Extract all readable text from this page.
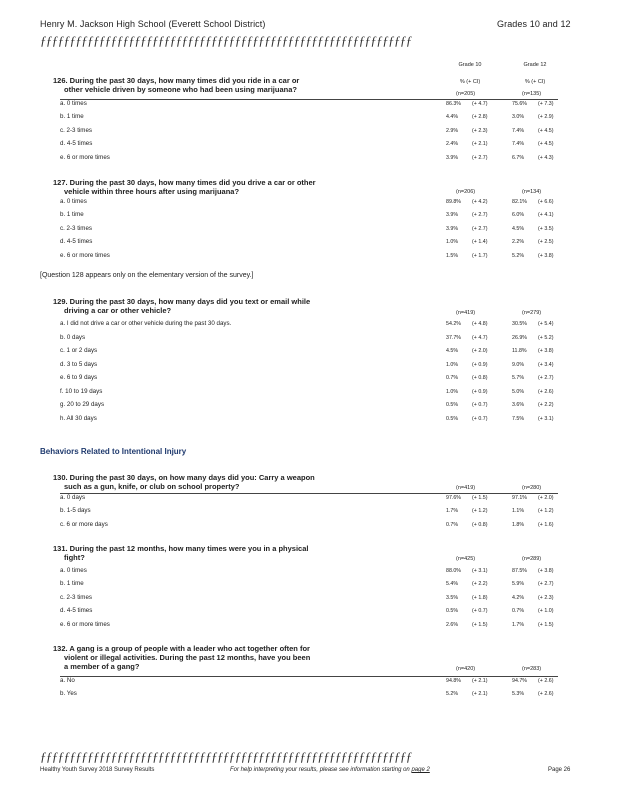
Henry M. Jackson High School (Everett School District)	Grades 10 and 12
ƒƒƒƒƒƒƒƒƒƒƒƒƒƒƒƒƒƒƒƒƒƒƒƒƒƒƒƒƒƒƒƒƒƒƒƒƒƒƒƒƒƒƒƒƒƒƒƒƒƒƒƒƒƒƒƒƒƒƒƒƒƒƒ
Grade 10	Grade 12
% (+ CI)	% (+ CI)
126. During the past 30 days, how many times did you ride in a car or
other vehicle driven by someone who had been using marijuana?	(n=205)	(n=135)
a. 0 times	86.3% (+ 4.7)	75.6% (+ 7.3)
b. 1 time	4.4%	(+ 2.8)	3.0%	(+ 2.9)
c. 2-3 times	2.9%	(+ 2.3)	7.4%	(+ 4.5)
d. 4-5 times	2.4%	(+ 2.1)	7.4%	(+ 4.5)
e. 6 or more times	3.9%	(+ 2.7)	6.7%	(+ 4.3)
127. During the past 30 days, how many times did you drive a car or other
vehicle within three hours after using marijuana?	(n=206)	(n=134)
a. 0 times	89.8% (+ 4.2)	82.1% (+ 6.6)
b. 1 time	3.9%	(+ 2.7)	6.0%	(+ 4.1)
c. 2-3 times	3.9%	(+ 2.7)	4.5%	(+ 3.5)
d. 4-5 times	1.0%	(+ 1.4)	2.2%	(+ 2.5)
e. 6 or more times	1.5%	(+ 1.7)	5.2%	(+ 3.8)
129. During the past 30 days, how many days did you text or email while
driving a car or other vehicle?	(n=419)	(n=279)
a. I did not drive a car or other vehicle during the past 30 days.	54.2% (+ 4.8)	30.5% (+ 5.4)
b. 0 days	37.7% (+ 4.7)	26.9% (+ 5.2)
c. 1 or 2 days	4.5%	(+ 2.0)	11.8% (+ 3.8)
d. 3 to 5 days	1.0%	(+ 0.9)	9.0%	(+ 3.4)
e. 6 to 9 days	0.7%	(+ 0.8)	5.7%	(+ 2.7)
f. 10 to 19 days	1.0%	(+ 0.9)	5.0%	(+ 2.6)
g. 20 to 29 days	0.5%	(+ 0.7)	3.6%	(+ 2.2)
h. All 30 days	0.5%	(+ 0.7)	7.5%	(+ 3.1)
130. During the past 30 days, on how many days did you: Carry a weapon
such as a gun, knife, or club on school property?	(n=419)	(n=280)
a. 0 days	97.6% (+ 1.5)	97.1% (+ 2.0)
b. 1-5 days	1.7%	(+ 1.2)	1.1%	(+ 1.2)
c. 6 or more days	0.7%	(+ 0.8)	1.8%	(+ 1.6)
131. During the past 12 months, how many times were you in a physical
fight?	(n=425)	(n=289)
a. 0 times	88.0% (+ 3.1)	87.5% (+ 3.8)
b. 1 time	5.4%	(+ 2.2)	5.9%	(+ 2.7)
c. 2-3 times	3.5%	(+ 1.8)	4.2%	(+ 2.3)
d. 4-5 times	0.5%	(+ 0.7)	0.7%	(+ 1.0)
e. 6 or more times	2.6%	(+ 1.5)	1.7%	(+ 1.5)
132. A gang is a group of people with a leader who act together often for
violent or illegal activities. During the past 12 months, have you been
a member of a gang?	(n=420)	(n=283)
a. No	94.8% (+ 2.1)	94.7% (+ 2.6)
b. Yes	5.2%	(+ 2.1)	5.3%	(+ 2.6)
[Question 128 appears only on the elementary version of the survey.]
Behaviors Related to Intentional Injury
ƒƒƒƒƒƒƒƒƒƒƒƒƒƒƒƒƒƒƒƒƒƒƒƒƒƒƒƒƒƒƒƒƒƒƒƒƒƒƒƒƒƒƒƒƒƒƒƒƒƒƒƒƒƒƒƒƒƒƒƒƒƒƒ
Healthy Youth Survey 2018 Survey Results	For help interpreting your results, please see information starting on page 2	Page 26
